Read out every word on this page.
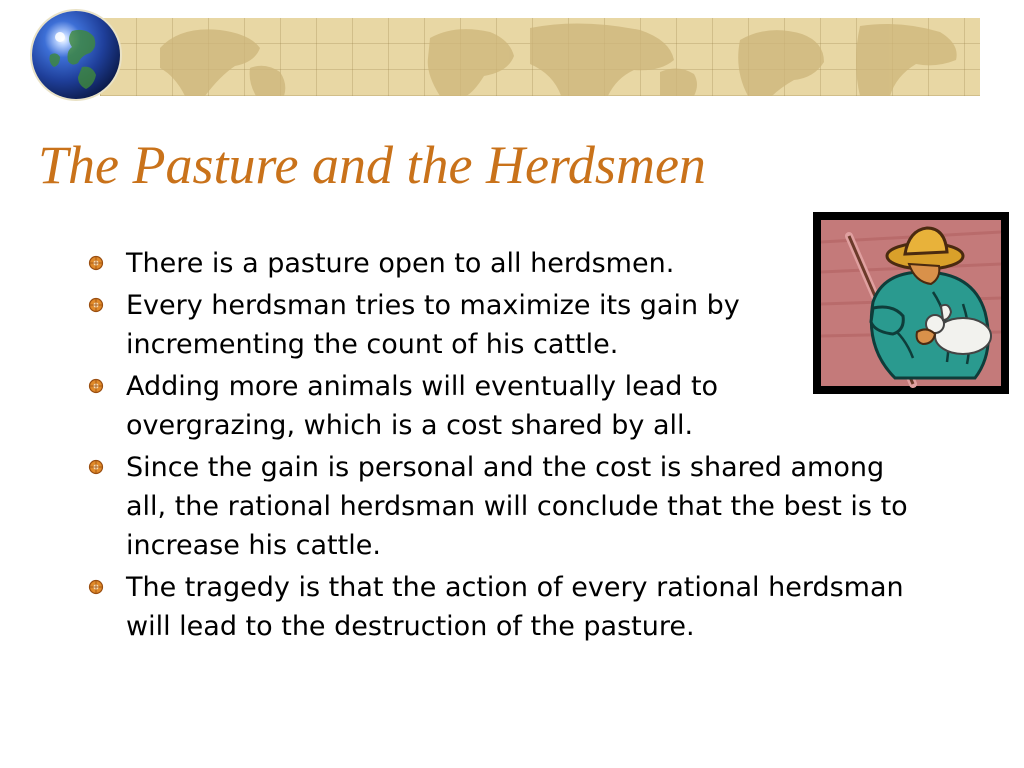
The Pasture and the Herdsmen
There is a pasture open to all herdsmen.
Every herdsman tries to maximize its gain by incrementing the count of his cattle.
Adding more animals will eventually lead to overgrazing, which is a cost shared by all.
Since the gain is personal and the cost is shared among all, the rational herdsman will conclude that the best is to increase his cattle.
The tragedy is that the action of every rational herdsman will lead to the destruction of the pasture.
